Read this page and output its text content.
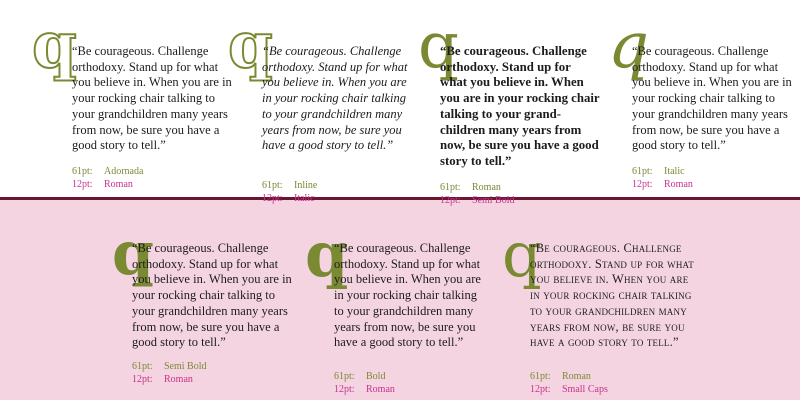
q
“Be courageous. Challenge orthodoxy. Stand up for what you believe in. When you are in your rocking chair talking to your grandchildren many years from now, be sure you have a good story to tell.”
61pt: Adornada
12pt: Roman
q
“Be courageous. Challenge orthodoxy. Stand up for what you believe in. When you are in your rocking chair talking to your grandchildren many years from now, be sure you have a good story to tell.”
61pt: Inline
12pt: Italic
q
“Be courageous. Challenge orthodoxy. Stand up for what you believe in. When you are in your rocking chair talking to your grand-children many years from now, be sure you have a good story to tell.”
61pt: Roman
12pt: Semi Bold
q
“Be courageous. Challenge orthodoxy. Stand up for what you believe in. When you are in your rocking chair talking to your grandchildren many years from now, be sure you have a good story to tell.”
61pt: Italic
12pt: Roman
q
“Be courageous. Challenge orthodoxy. Stand up for what you believe in. When you are in your rocking chair talking to your grandchildren many years from now, be sure you have a good story to tell.”
61pt: Semi Bold
12pt: Roman
q
“Be courageous. Challenge orthodoxy. Stand up for what you believe in. When you are in your rocking chair talking to your grandchildren many years from now, be sure you have a good story to tell.”
61pt: Bold
12pt: Roman
q
“Be courageous. Challenge orthodoxy. Stand up for what you believe in. When you are in your rocking chair talking to your grandchildren many years from now, be sure you have a good story to tell.”
61pt: Roman
12pt: Small Caps
